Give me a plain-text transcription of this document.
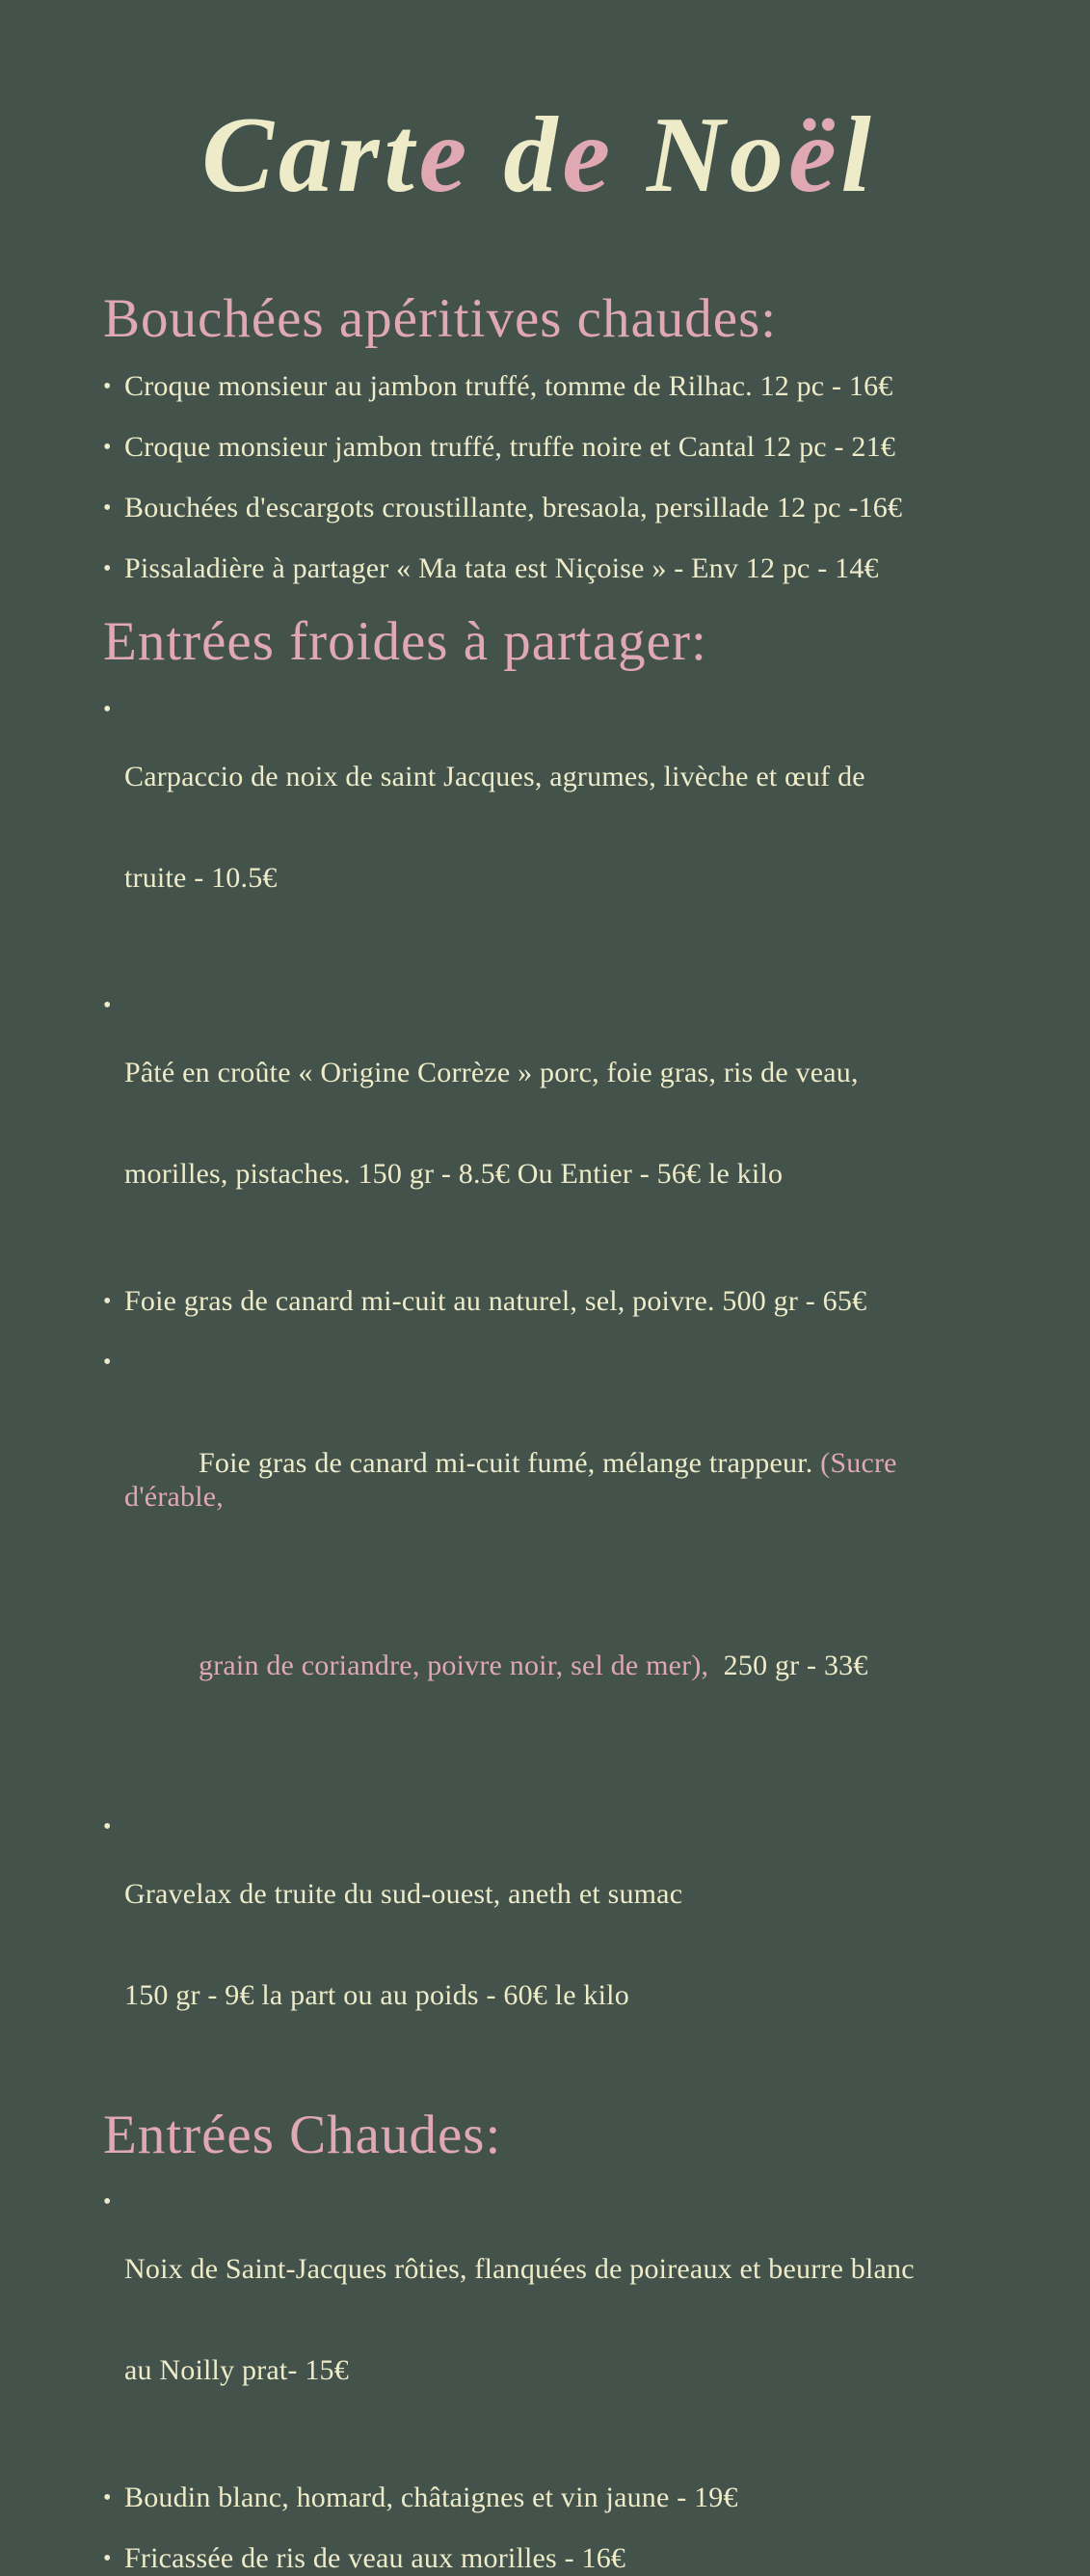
Carte de Noël
Bouchées apéritives chaudes:
• Croque monsieur au jambon truffé, tomme de Rilhac. 12 pc - 16€
• Croque monsieur jambon truffé, truffe noire et Cantal 12 pc - 21€
• Bouchées d'escargots croustillante, bresaola, persillade 12 pc -16€
• Pissaladière à partager « Ma tata est Niçoise » - Env 12 pc - 14€
Entrées froides à partager:
•

Carpaccio de noix de saint Jacques, agrumes, livèche et œuf de

truite - 10.5€

•

Pâté en croûte « Origine Corrèze » porc, foie gras, ris de veau,

morilles, pistaches. 150 gr - 8.5€ Ou Entier - 56€ le kilo

• Foie gras de canard mi-cuit au naturel, sel, poivre. 500 gr - 65€
•

Foie gras de canard mi-cuit fumé, mélange trappeur. (Sucre d'érable,

grain de coriandre, poivre noir, sel de mer),  250 gr - 33€

•

Gravelax de truite du sud-ouest, aneth et sumac

150 gr - 9€ la part ou au poids - 60€ le kilo

Entrées Chaudes:
•

Noix de Saint-Jacques rôties, flanquées de poireaux et beurre blanc

au Noilly prat- 15€

• Boudin blanc, homard, châtaignes et vin jaune - 19€
• Fricassée de ris de veau aux morilles - 16€
